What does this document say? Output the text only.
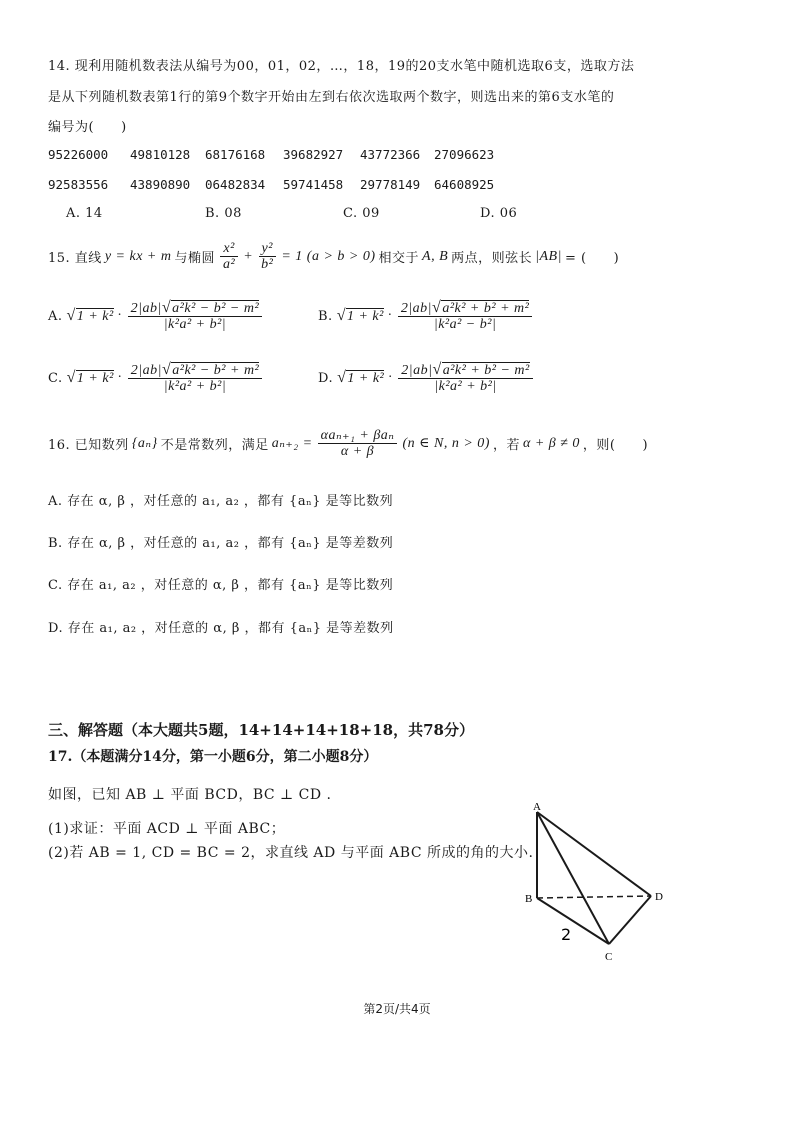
14. 现利用随机数表法从编号为00，01，02，…，18，19的20支水笔中随机选取6支，选取方法
是从下列随机数表第1行的第9个数字开始由左到右依次选取两个数字，则选出来的第6支水笔的
编号为(　　)
95226000 49810128 68176168 39682927 43772366 27096623
92583556 43890890 06482834 59741458 29778149 64608925
A. 14	B. 08	C. 09	D. 06
15. 直线 y = kx + m 与椭圆 $\frac{\text{x²}}{\text{a²}} + \frac{\text{y²}}{\text{b²}} = 1$ (a > b > 0) 相交于 A, B 两点，则弦长 |AB| = (　　)
A. $√1 + k^2 \cdot \frac{\text{2|ab|√a²k² − b² − m²}}{\text{|k²a² + b²|}}$	B. $√1 + k^2 \cdot \frac{\text{2|ab|√a²k² + b² + m²}}{\text{|k²a² − b²|}}$
C. $√1 + k^2 \cdot \frac{\text{2|ab|√a²k² − b² + m²}}{\text{|k²a² + b²|}}$	D. $√1 + k^2 \cdot \frac{\text{2|ab|√a²k² + b² − m²}}{\text{|k²a² + b²|}}$
16. 已知数列 {aₙ} 不是常数列，满足 $a_{n+2} = \frac{\text{αaₙ₊₁ + βaₙ}}{\alpha + \beta} (n$ ∈ N, n > 0) ，若 α + β ≠ 0 ，则(　　)
A. 存在 α, β ，对任意的 a₁, a₂ ，都有 {aₙ} 是等比数列
B. 存在 α, β ，对任意的 a₁, a₂ ，都有 {aₙ} 是等差数列
C. 存在 a₁, a₂ ，对任意的 α, β ，都有 {aₙ} 是等比数列
D. 存在 a₁, a₂ ，对任意的 α, β ，都有 {aₙ} 是等差数列
三、解答题（本大题共5题，14+14+14+18+18，共78分）
17.（本题满分14分，第一小题6分，第二小题8分）
如图，已知 AB ⊥ 平面 BCD，BC ⊥ CD .
(1)求证：平面 ACD ⊥ 平面 ABC；
(2)若 AB = 1, CD = BC = 2，求直线 AD 与平面 ABC 所成的角的大小.
A
B
C
D
2
第2页/共4页
